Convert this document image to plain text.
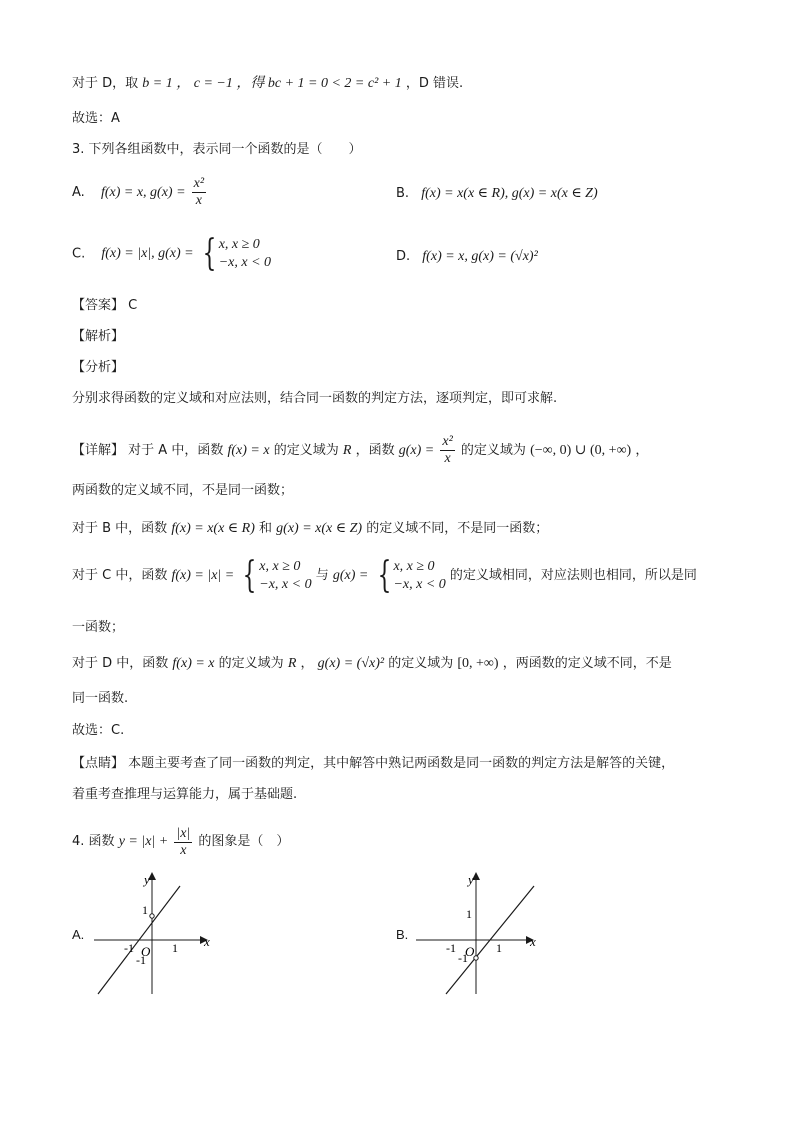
对于 D，取 b = 1 ， c = −1 ，得 bc + 1 = 0 < 2 = c² + 1 ，D 错误.
故选：A
3. 下列各组函数中，表示同一个函数的是（　　）
A. f(x) = x, $g(x) = \frac{\text{x²}}{x}$	B. f(x) = x(x ∈ R), g(x) = x(x ∈ Z)
C. f(x) = |x|, g(x) = { x, x ≥ 0
−x, x < 0	D. f(x) = x, g(x) = (√x)²
【答案】 C
【解析】
【分析】
分别求得函数的定义域和对应法则，结合同一函数的判定方法，逐项判定，即可求解.
【详解】 对于 A 中，函数 f(x) = x 的定义域为 R ，函数 $g(x) = \frac{\text{x²}}{x}$ 的定义域为 (−∞, 0) ∪ (0, +∞) ，
两函数的定义域不同，不是同一函数；
对于 B 中，函数 f(x) = x(x ∈ R) 和 g(x) = x(x ∈ Z) 的定义域不同，不是同一函数；
对于 C 中，函数 f(x) = |x| = { x, x ≥ 0
−x, x < 0
与 g(x) = { x, x ≥ 0
−x, x < 0
的定义域相同，对应法则也相同，所以是同
一函数；
对于 D 中，函数 f(x) = x 的定义域为 R ， g(x) = (√x)² 的定义域为 [0, +∞) ，两函数的定义域不同，不是
同一函数.
故选：C.
【点睛】 本题主要考查了同一函数的判定，其中解答中熟记两函数是同一函数的判定方法是解答的关键，
着重考查推理与运算能力，属于基础题.
4. 函数 $y = |x| + \frac{|x|}{x}$ 的图象是（　）
A.
y
x
O
1
-1	1
-1
B.
y
x
O
1
-1	1
-1
